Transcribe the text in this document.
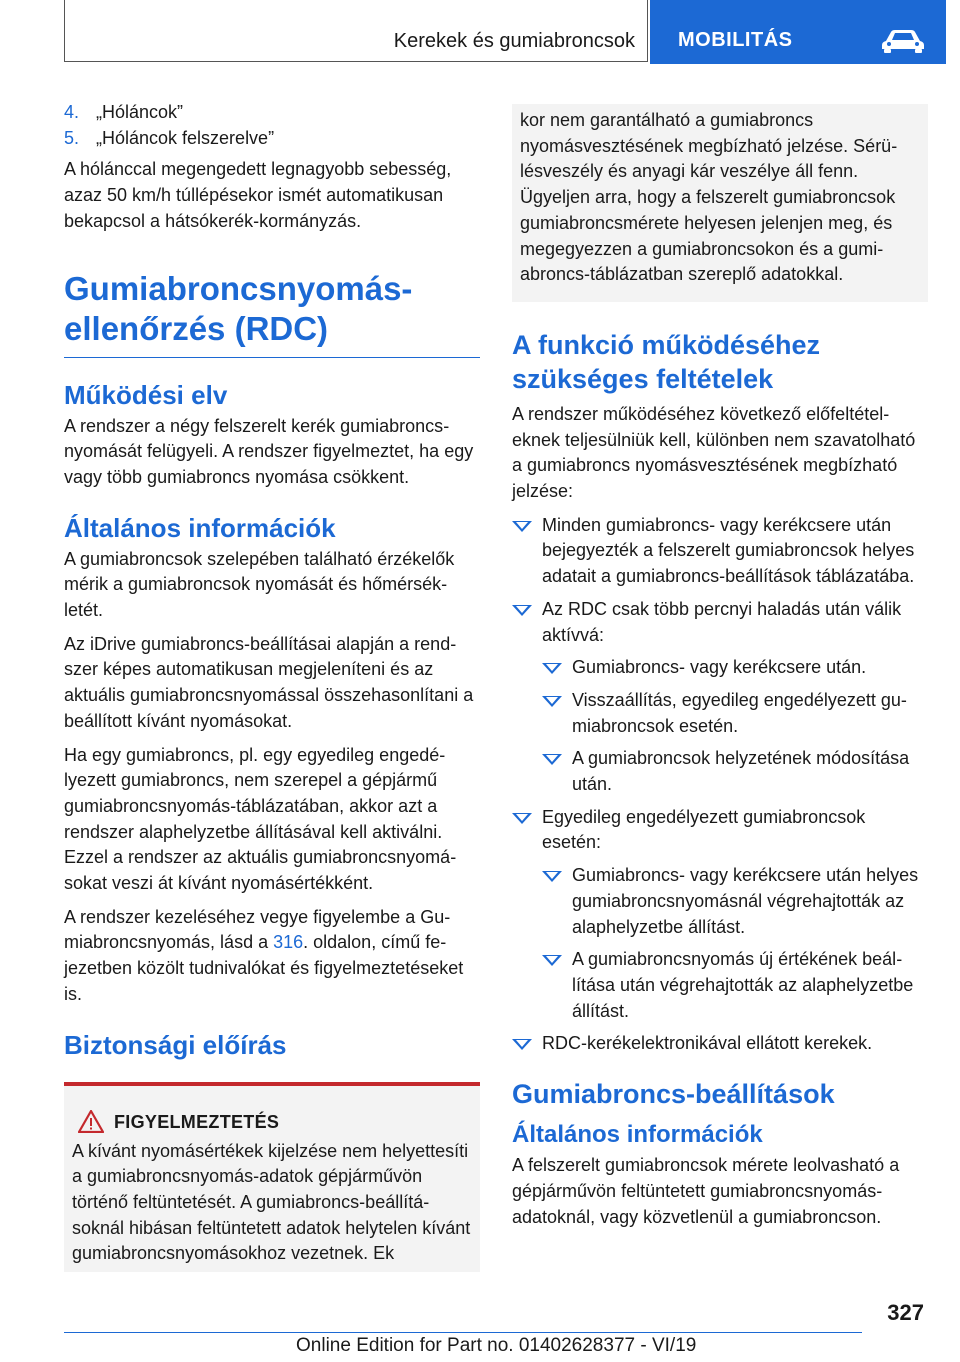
Kerekek és gumiabroncsok MOBILITÁS
4. „Hóláncok”
5. „Hóláncok felszerelve”

A hólánccal megengedett legnagyobb sebesség, azaz 50 km/h túllépésekor ismét automatikusan bekapcsol a hátsókerék-kormányzás.

Gumiabroncsnyomás-
ellenőrzés (RDC)
Működési elv

A rendszer a négy felszerelt kerék gumiabroncsnyomását felügyeli. A rendszer figyelmeztet, ha egy vagy több gumiabroncs nyomása csökkent.

Általános információk

A gumiabroncsok szelepében található érzékelők mérik a gumiabroncsok nyomását és hőmérsékletét.

Az iDrive gumiabroncs-beállításai alapján a rendszer képes automatikusan megjeleníteni és az aktuális gumiabroncsnyomással összehasonlítani a beállított kívánt nyomásokat.

Ha egy gumiabroncs, pl. egy egyedileg engedélyezett gumiabroncs, nem szerepel a gépjármű gumiabroncsnyomás-táblázatában, akkor azt a rendszer alaphelyzetbe állításával kell aktiválni. Ezzel a rendszer az aktuális gumiabroncsnyomásokat veszi át kívánt nyomásértékként.

A rendszer kezeléséhez vegye figyelembe a Gumiabroncsnyomás, lásd a 316. oldalon, című fejezetben közölt tudnivalókat és figyelmeztetéseket is.

Biztonsági előírás
FIGYELMEZTETÉS

A kívánt nyomásértékek kijelzése nem helyettesíti a gumiabroncsnyomás-adatok gépjárművön történő feltüntetését. A gumiabroncs-beállításoknál hibásan feltüntetett adatok helytelen kívánt gumiabroncsnyomásokhoz vezetnek. Ek

kor nem garantálható a gumiabroncs nyomásvesztésének megbízható jelzése. Sérülésveszély és anyagi kár veszélye áll fenn. Ügyeljen arra, hogy a felszerelt gumiabroncsok gumiabroncsmérete helyesen jelenjen meg, és megegyezzen a gumiabroncsokon és a gumiabroncs-táblázatban szereplő adatokkal.

A funkció működéséhez szükséges feltételek

A rendszer működéséhez következő előfeltételeknek teljesülniük kell, különben nem szavatolható a gumiabroncs nyomásvesztésének megbízható jelzése:

Minden gumiabroncs- vagy kerékcsere után bejegyezték a felszerelt gumiabroncsok helyes adatait a gumiabroncs-beállítások táblázatába.
Az RDC csak több percnyi haladás után válik aktívvá:
Gumiabroncs- vagy kerékcsere után.
Visszaállítás, egyedileg engedélyezett gumiabroncsok esetén.
A gumiabroncsok helyzetének módosítása után.
Egyedileg engedélyezett gumiabroncsok esetén:
Gumiabroncs- vagy kerékcsere után helyes gumiabroncsnyomásnál végrehajtották az alaphelyzetbe állítást.
A gumiabroncsnyomás új értékének beállítása után végrehajtották az alaphelyzetbe állítást.
RDC-kerékelektronikával ellátott kerekek.
Gumiabroncs-beállítások
Általános információk

A felszerelt gumiabroncsok mérete leolvasható a gépjárművön feltüntetett gumiabroncsnyomás-adatoknál, vagy közvetlenül a gumiabroncson.

327
Online Edition for Part no. 01402628377 - VI/19
